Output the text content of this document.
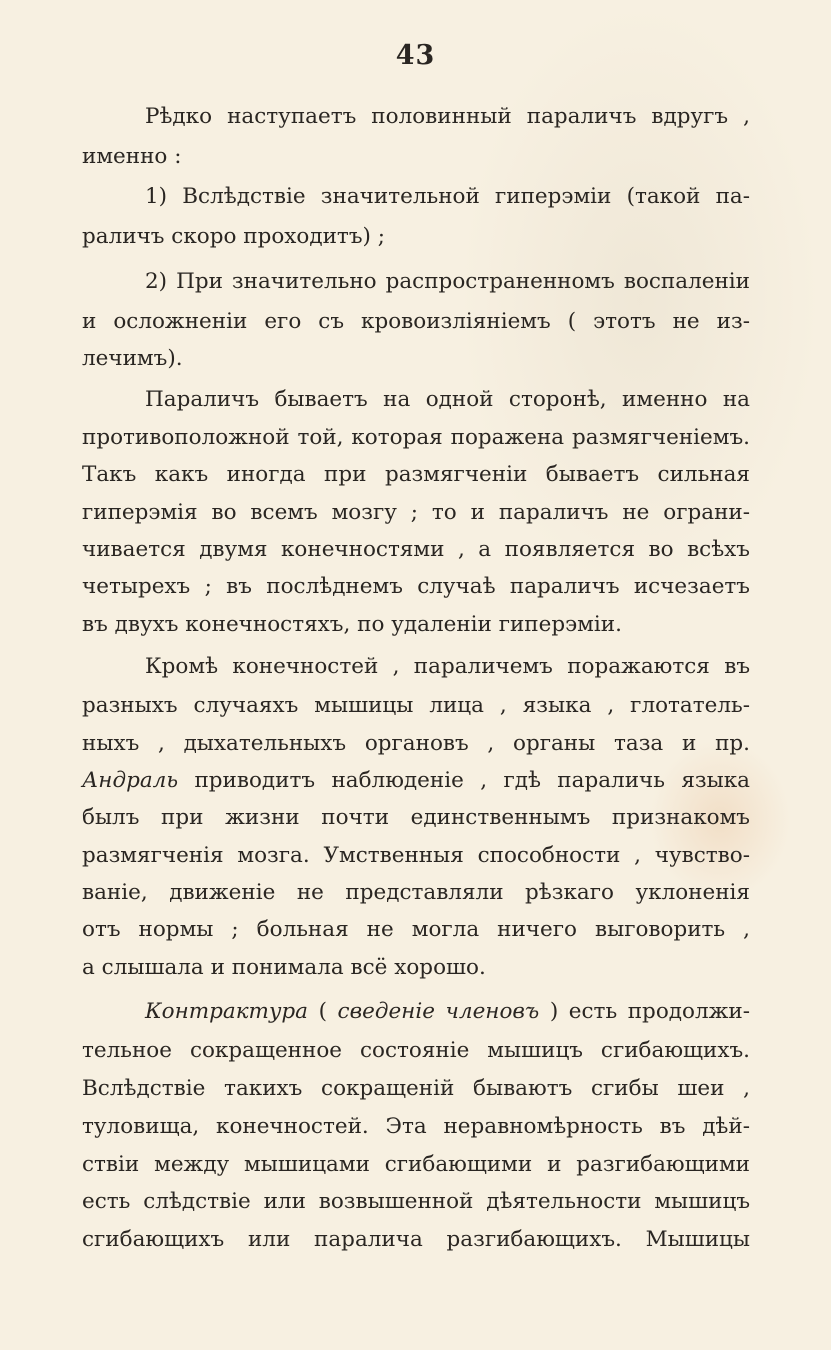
43
Рѣдко наступаетъ половинный параличъ вдругъ ,
именно :
1) Вслѣдствіе значительной гиперэміи (такой па-
раличъ скоро проходитъ) ;
2) При значительно распространенномъ воспаленіи
и осложненіи его съ кровоизліяніемъ ( этотъ не из-
лечимъ).
Параличъ бываетъ на одной сторонѣ, именно на
противоположной той, которая поражена размягченіемъ.
Такъ какъ иногда при размягченіи бываетъ сильная
гиперэмія во всемъ мозгу ; то и параличъ не ограни-
чивается двумя конечностями , а появляется во всѣхъ
четырехъ ; въ послѣднемъ случаѣ параличъ исчезаетъ
въ двухъ конечностяхъ, по удаленіи гиперэміи.
Кромѣ конечностей , параличемъ поражаются въ
разныхъ случаяхъ мышицы лица , языка , глотатель-
ныхъ , дыхательныхъ органовъ , органы таза и пр.
Андраль приводитъ наблюденіе , гдѣ параличь языка
былъ при жизни почти единственнымъ признакомъ
размягченія мозга. Умственныя способности , чувство-
ваніе, движеніе не представляли рѣзкаго уклоненія
отъ нормы ; больная не могла ничего выговорить ,
а слышала и понимала всё хорошо.
Контрактура ( сведеніе членовъ ) есть продолжи-
тельное сокращенное состояніе мышицъ сгибающихъ.
Вслѣдствіе такихъ сокращеній бываютъ сгибы шеи ,
туловища, конечностей. Эта неравномѣрность въ дѣй-
ствіи между мышицами сгибающими и разгибающими
есть слѣдствіе или возвышенной дѣятельности мышицъ
сгибающихъ или паралича разгибающихъ. Мышицы
